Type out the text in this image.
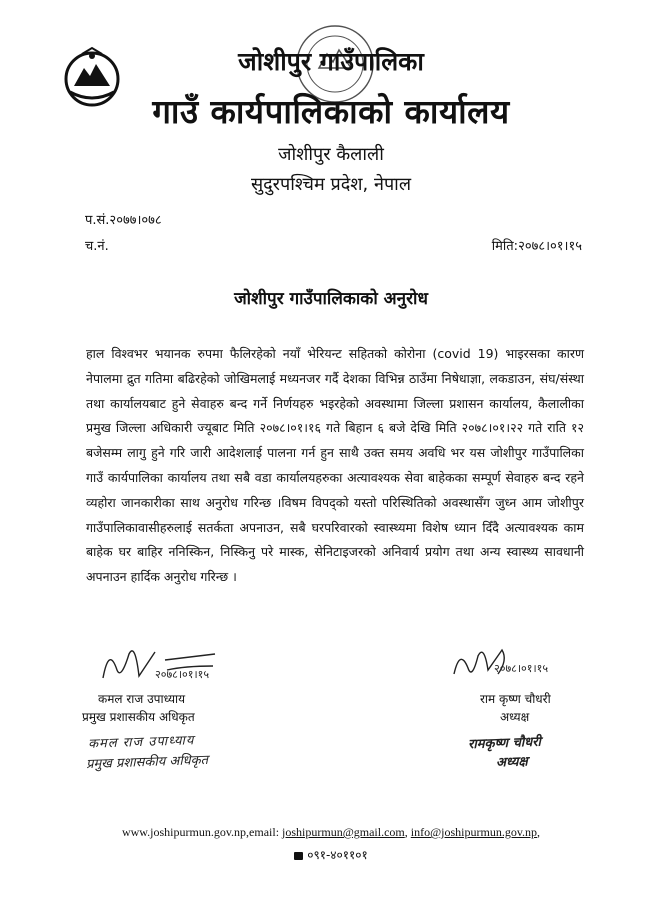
जोशीपुर गाउँपालिका
गाउँ कार्यपालिकाको कार्यालय
जोशीपुर कैलाली
सुदुरपश्चिम प्रदेश, नेपाल
प.सं.२०७७।०७८
च.नं.	मिति:२०७८।०१।१५
जोशीपुर गाउँपालिकाको अनुरोध
हाल विश्वभर भयानक रुपमा फैलिरहेको नयाँ भेरियन्ट सहितको कोरोना (covid 19) भाइरसका कारण नेपालमा द्रुत गतिमा बढिरहेको जोखिमलाई मध्यनजर गर्दै देशका विभिन्न ठाउँमा निषेधाज्ञा, लकडाउन, संघ/संस्था तथा कार्यालयबाट हुने सेवाहरु बन्द गर्ने निर्णयहरु भइरहेको अवस्थामा जिल्ला प्रशासन कार्यालय, कैलालीका प्रमुख जिल्ला अधिकारी ज्यूबाट मिति २०७८।०१।१६ गते बिहान ६ बजे देखि मिति २०७८।०१।२२ गते राति १२ बजेसम्म लागु हुने गरि जारी आदेशलाई पालना गर्न हुन साथै उक्त समय अवधि भर यस जोशीपुर गाउँपालिका गाउँ कार्यपालिका कार्यालय तथा सबै वडा कार्यालयहरुका अत्यावश्यक सेवा बाहेकका सम्पूर्ण सेवाहरु बन्द रहने व्यहोरा जानकारीका साथ अनुरोध गरिन्छ ।विषम विपद्को यस्तो परिस्थितिको अवस्थासँग जुध्न आम जोशीपुर गाउँपालिकावासीहरुलाई सतर्कता अपनाउन, सबै घरपरिवारको स्वास्थ्यमा विशेष ध्यान दिँदै अत्यावश्यक काम बाहेक घर बाहिर ननिस्किन, निस्किनु परे मास्क, सेनिटाइजरको अनिवार्य प्रयोग तथा अन्य स्वास्थ्य सावधानी अपनाउन हार्दिक अनुरोध गरिन्छ ।
२०७८।०१।१५	२०७८।०१।१५
कमल राज उपाध्याय
प्रमुख प्रशासकीय अधिकृत
राम कृष्ण चौधरी
अध्यक्ष
कमल राज उपाध्याय
प्रमुख प्रशासकीय अधिकृत
रामकृष्ण चौधरी
अध्यक्ष
www.joshipurmun.gov.np,email: joshipurmun@gmail.com, info@joshipurmun.gov.np,
०९१-४०११०१
